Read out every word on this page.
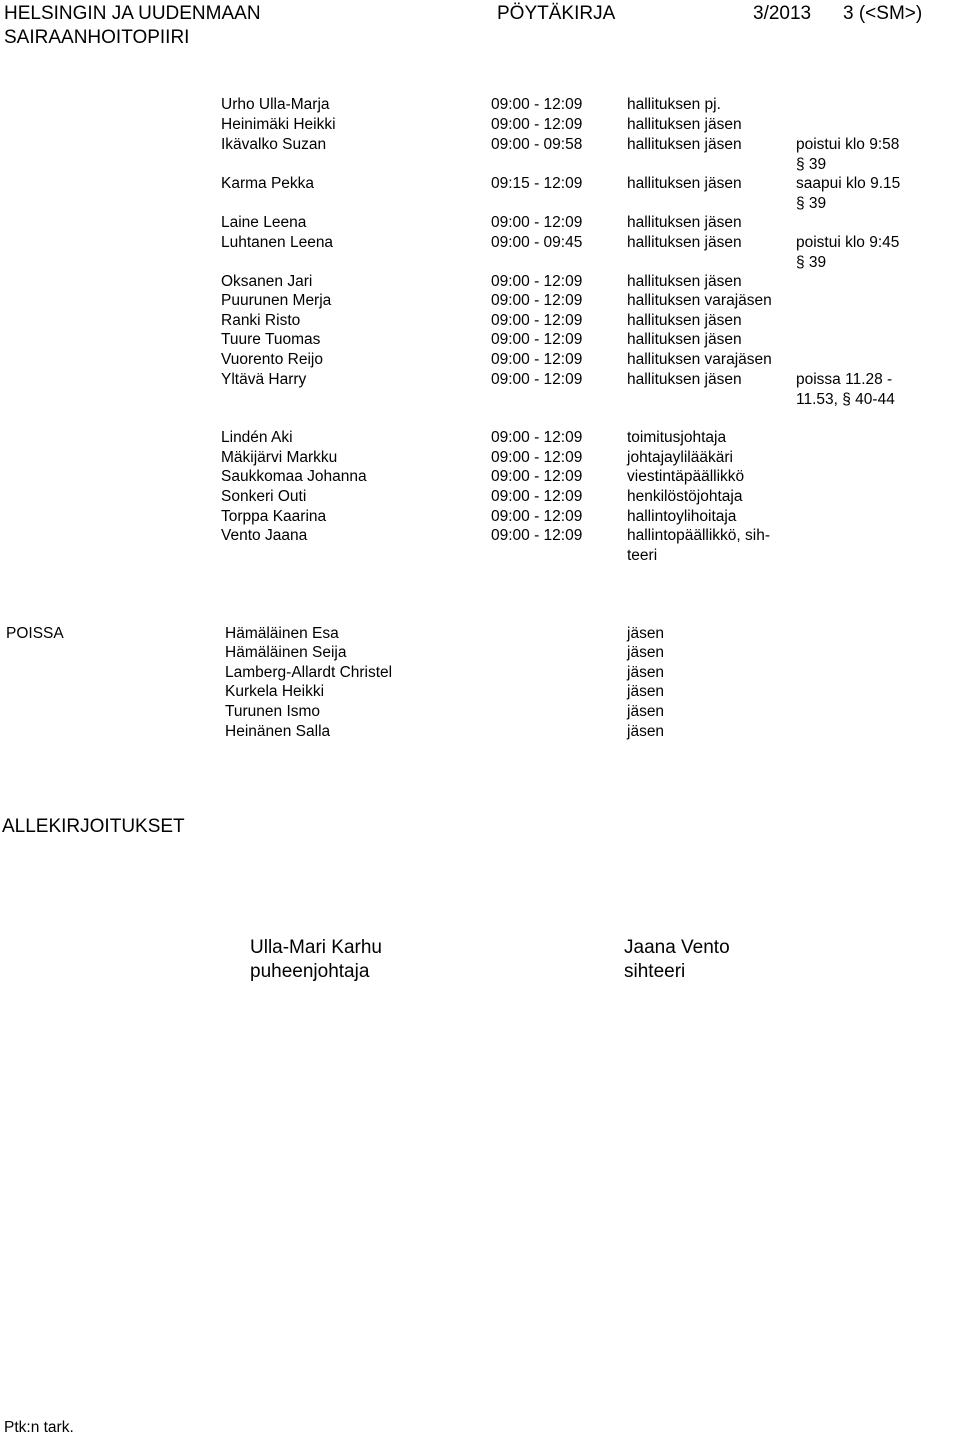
HELSINGIN JA UUDENMAAN
SAIRAANHOITOPIIRI
PÖYTÄKIRJA	3/2013 3 (<SM>)
Urho Ulla-Marja	09:00 - 12:09	hallituksen pj.
Heinimäki Heikki	09:00 - 12:09	hallituksen jäsen
Ikävalko Suzan	09:00 - 09:58	hallituksen jäsen	poistui klo 9:58
§ 39
Karma Pekka	09:15 - 12:09	hallituksen jäsen	saapui klo 9.15
§ 39
Laine Leena	09:00 - 12:09	hallituksen jäsen
Luhtanen Leena	09:00 - 09:45	hallituksen jäsen	poistui klo 9:45
§ 39
Oksanen Jari	09:00 - 12:09	hallituksen jäsen
Puurunen Merja	09:00 - 12:09	hallituksen varajäsen
Ranki Risto	09:00 - 12:09	hallituksen jäsen
Tuure Tuomas	09:00 - 12:09	hallituksen jäsen
Vuorento Reijo	09:00 - 12:09	hallituksen varajäsen
Yltävä Harry	09:00 - 12:09	hallituksen jäsen	poissa 11.28 -
11.53, § 40-44
Lindén Aki	09:00 - 12:09	toimitusjohtaja
Mäkijärvi Markku	09:00 - 12:09	johtajaylilääkäri
Saukkomaa Johanna	09:00 - 12:09	viestintäpäällikkö
Sonkeri Outi	09:00 - 12:09	henkilöstöjohtaja
Torppa Kaarina	09:00 - 12:09	hallintoylihoitaja
Vento Jaana	09:00 - 12:09	hallintopäällikkö, sih-
teeri
POISSA	Hämäläinen Esa	jäsen
Hämäläinen Seija	jäsen
Lamberg-Allardt Christel	jäsen
Kurkela Heikki	jäsen
Turunen Ismo	jäsen
Heinänen Salla	jäsen
ALLEKIRJOITUKSET
Ulla-Mari Karhu
puheenjohtaja
Jaana Vento
sihteeri
Ptk:n tark.
